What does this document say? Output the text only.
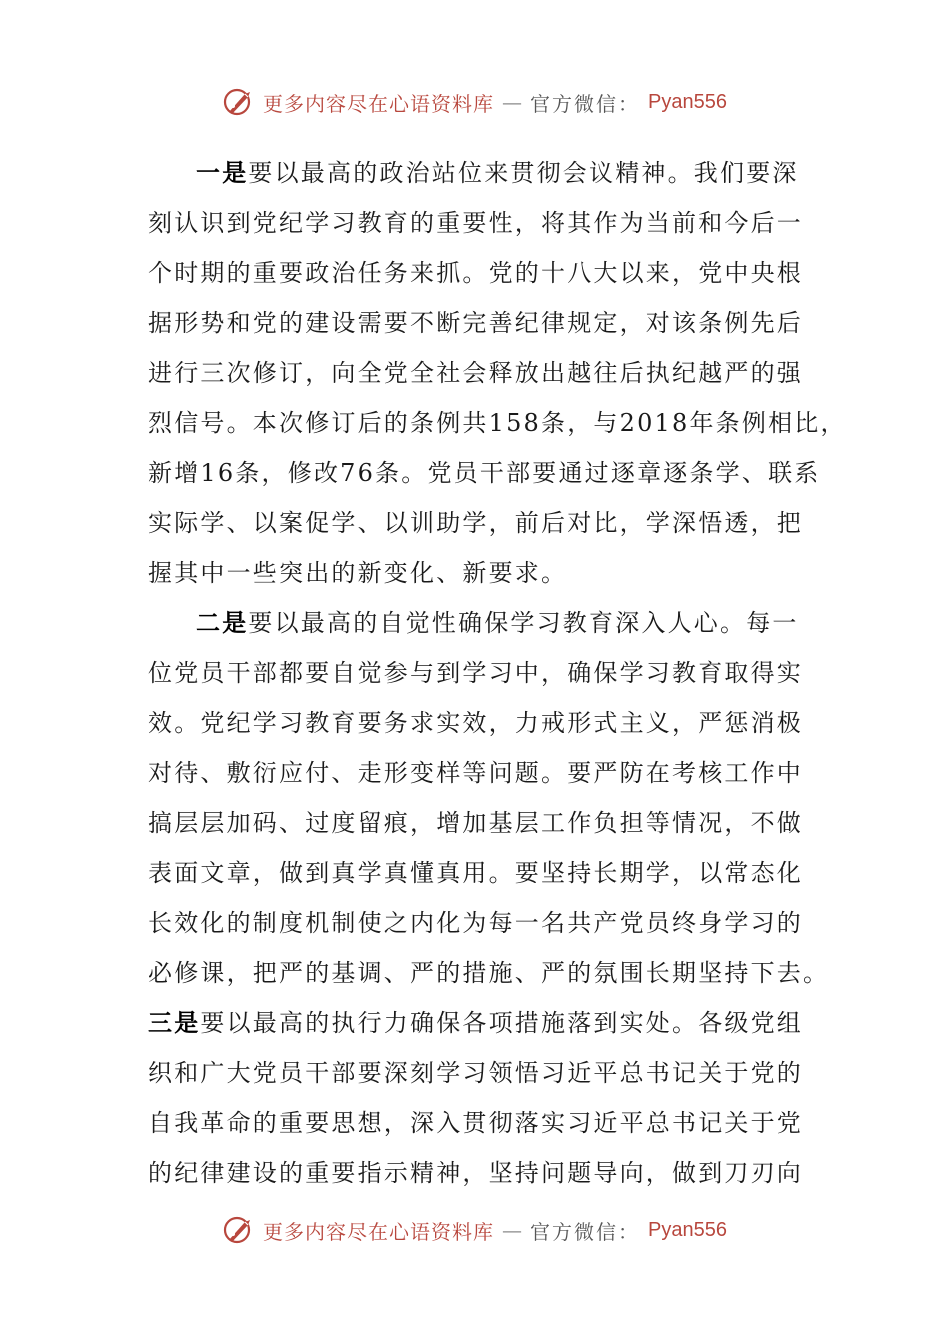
更多内容尽在心语资料库 — 官方微信： Pyan556
一是要以最高的政治站位来贯彻会议精神。我们要深
刻认识到党纪学习教育的重要性，将其作为当前和今后一
个时期的重要政治任务来抓。党的十八大以来，党中央根
据形势和党的建设需要不断完善纪律规定，对该条例先后
进行三次修订，向全党全社会释放出越往后执纪越严的强
烈信号。本次修订后的条例共158条，与2018年条例相比，
新增16条，修改76条。党员干部要通过逐章逐条学、联系
实际学、以案促学、以训助学，前后对比，学深悟透，把
握其中一些突出的新变化、新要求。
二是要以最高的自觉性确保学习教育深入人心。每一
位党员干部都要自觉参与到学习中，确保学习教育取得实
效。党纪学习教育要务求实效，力戒形式主义，严惩消极
对待、敷衍应付、走形变样等问题。要严防在考核工作中
搞层层加码、过度留痕，增加基层工作负担等情况，不做
表面文章，做到真学真懂真用。要坚持长期学，以常态化
长效化的制度机制使之内化为每一名共产党员终身学习的
必修课，把严的基调、严的措施、严的氛围长期坚持下去。
三是要以最高的执行力确保各项措施落到实处。各级党组
织和广大党员干部要深刻学习领悟习近平总书记关于党的
自我革命的重要思想，深入贯彻落实习近平总书记关于党
的纪律建设的重要指示精神，坚持问题导向，做到刀刃向
更多内容尽在心语资料库 — 官方微信： Pyan556
